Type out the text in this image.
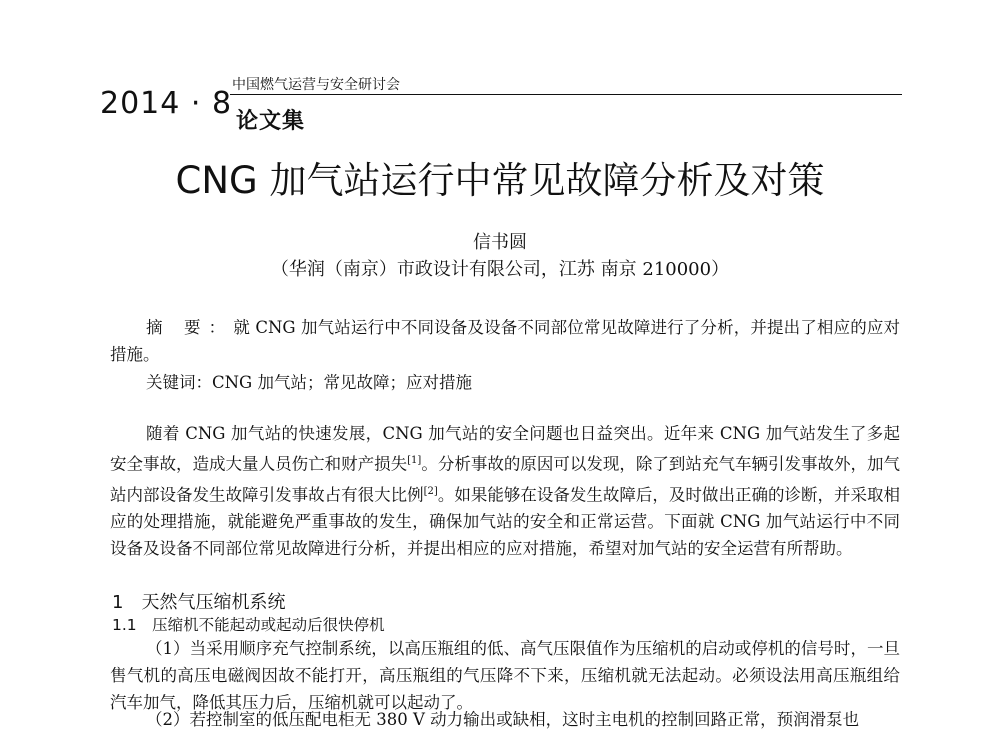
2014 · 8
中国燃气运营与安全研讨会
论文集
CNG 加气站运行中常见故障分析及对策
信书圆
（华润（南京）市政设计有限公司，江苏 南京 210000）
摘 要：就 CNG 加气站运行中不同设备及设备不同部位常见故障进行了分析，并提出了相应的应对措施。
关键词：CNG 加气站；常见故障；应对措施
随着 CNG 加气站的快速发展，CNG 加气站的安全问题也日益突出。近年来 CNG 加气站发生了多起安全事故，造成大量人员伤亡和财产损失[1]。分析事故的原因可以发现，除了到站充气车辆引发事故外，加气站内部设备发生故障引发事故占有很大比例[2]。如果能够在设备发生故障后，及时做出正确的诊断，并采取相应的处理措施，就能避免严重事故的发生，确保加气站的安全和正常运营。下面就 CNG 加气站运行中不同设备及设备不同部位常见故障进行分析，并提出相应的应对措施，希望对加气站的安全运营有所帮助。
1　天然气压缩机系统
1.1　压缩机不能起动或起动后很快停机
（1）当采用顺序充气控制系统，以高压瓶组的低、高气压限值作为压缩机的启动或停机的信号时，一旦售气机的高压电磁阀因故不能打开，高压瓶组的气压降不下来，压缩机就无法起动。必须设法用高压瓶组给汽车加气，降低其压力后，压缩机就可以起动了。
（2）若控制室的低压配电柜无 380 V 动力输出或缺相，这时主电机的控制回路正常，预润滑泵也
